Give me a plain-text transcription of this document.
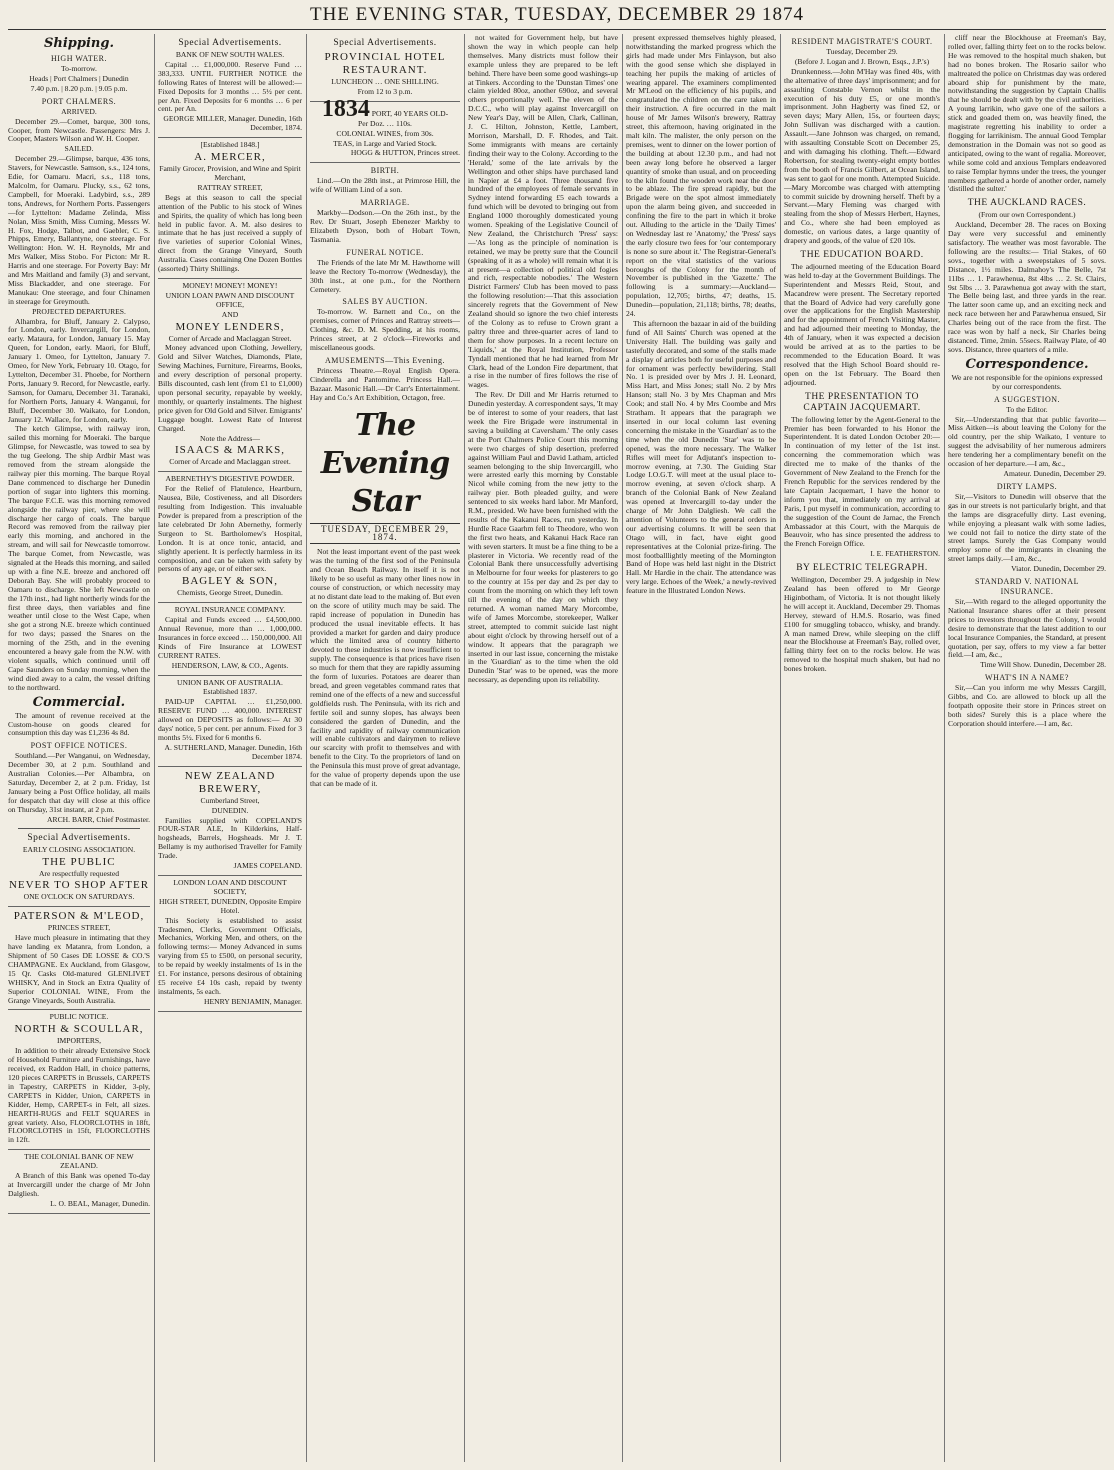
THE EVENING STAR, TUESDAY, DECEMBER 29 1874
Shipping.
HIGH WATER.

To-morrow.

Heads | Port Chalmers | Dunedin

7.40 p.m. | 8.20 p.m. | 9.05 p.m.

PORT CHALMERS.

ARRIVED.

December 29.—Comet, barque, 300 tons, Cooper, from Newcastle. Passengers: Mrs J. Cooper, Masters Wilson and W. H. Cooper.

SAILED.

December 29.—Glimpse, barque, 436 tons, Stavers, for Newcastle. Samson, s.s., 124 tons, Edie, for Oamaru. Macri, s.s., 118 tons, Malcolm, for Oamaru. Plucky, s.s., 62 tons, Campbell, for Moeraki. Ladybird, s.s., 289 tons, Andrews, for Northern Ports. Passengers—for Lyttelton: Madame Zelinda, Miss Nolan, Miss Smith, Miss Cuming, Messrs W. H. Fox, Hodge, Talbot, and Gaebler, C. S. Phipps, Emery, Ballantyne, one steerage. For Wellington: Hon. W. H. Reynolds, Mr and Mrs Walker, Miss Stobo. For Picton: Mr R. Harris and one steerage. For Poverty Bay: Mr and Mrs Maitland and family (3) and servant, Miss Blackadder, and one steerage. For Manukau: One steerage, and four Chinamen in steerage for Greymouth.

PROJECTED DEPARTURES.

Alhambra, for Bluff, January 2. Calypso, for London, early. Invercargill, for London, early. Mataura, for London, January 15. May Queen, for London, early. Maori, for Bluff, January 1. Omeo, for Lyttelton, January 7. Omeo, for New York, February 10. Otago, for Lyttelton, December 31. Phoebe, for Northern Ports, January 9. Record, for Newcastle, early. Samson, for Oamaru, December 31. Taranaki, for Northern Ports, January 4. Wanganui, for Bluff, December 30. Waikato, for London, January 12. Wallace, for London, early.

The ketch Glimpse, with railway iron, sailed this morning for Moeraki. The barque Glimpse, for Newcastle, was towed to sea by the tug Geelong. The ship Ardbir Mast was removed from the stream alongside the railway pier this morning. The barque Royal Dane commenced to discharge her Dunedin portion of sugar into lighters this morning. The barque F.C.E. was this morning removed alongside the railway pier, where she will discharge her cargo of coals. The barque Record was removed from the railway pier early this morning, and anchored in the stream, and will sail for Newcastle tomorrow. The barque Comet, from Newcastle, was signaled at the Heads this morning, and sailed up with a fine N.E. breeze and anchored off Deborah Bay. She will probably proceed to Oamaru to discharge. She left Newcastle on the 17th inst., had light northerly winds for the first three days, then variables and fine weather until close to the West Cape, when she got a strong N.E. breeze which continued for two days; passed the Snares on the morning of the 25th, and in the evening encountered a heavy gale from the N.W. with violent squalls, which continued until off Cape Saunders on Sunday morning, when the wind died away to a calm, the vessel drifting to the northward.

Commercial.

The amount of revenue received at the Custom-house on goods cleared for consumption this day was £1,236 4s 8d.

POST OFFICE NOTICES.

Southland.—Per Wanganui, on Wednesday, December 30, at 2 p.m. Southland and Australian Colonies.—Per Albambra, on Saturday, December 2, at 2 p.m. Friday, 1st January being a Post Office holiday, all mails for despatch that day will close at this office on Thursday, 31st instant, at 2 p.m.

ARCH. BARR, Chief Postmaster.

Special Advertisements.

EARLY CLOSING ASSOCIATION.

THE PUBLIC

Are respectfully requested

NEVER TO SHOP AFTER

ONE O'CLOCK ON SATURDAYS.

PATERSON & M'LEOD,

PRINCES STREET,

Have much pleasure in intimating that they have landing ex Matanra, from London, a Shipment of 50 Cases DE LOSSE & CO.'S CHAMPAGNE. Ex Auckland, from Glasgow, 15 Qr. Casks Old-matured GLENLIVET WHISKY, And in Stock an Extra Quality of Superior COLONIAL WINE, From the Grange Vineyards, South Australia.

PUBLIC NOTICE.

NORTH & SCOULLAR,

IMPORTERS,

In addition to their already Extensive Stock of Household Furniture and Furnishings, have received, ex Raddon Hall, in choice patterns, 120 pieces CARPETS in Brussels, CARPETS in Tapestry, CARPETS in Kidder, 3-ply, CARPETS in Kidder, Union, CARPETS in Kidder, Hemp, CARPET-s in Felt, all sizes. HEARTH-RUGS and FELT SQUARES in great variety. Also, FLOORCLOTHS in 18ft, FLOORCLOTHS in 15ft, FLOORCLOTHS in 12ft.

THE COLONIAL BANK OF NEW ZEALAND.

A Branch of this Bank was opened To-day at Invercargill under the charge of Mr John Dalgliesh.

L. O. BEAL, Manager, Dunedin.

Special Advertisements.

BANK OF NEW SOUTH WALES.

Capital … £1,000,000. Reserve Fund … 383,333. UNTIL FURTHER NOTICE the following Rates of Interest will be allowed:— Fixed Deposits for 3 months … 5½ per cent. per An. Fixed Deposits for 6 months … 6 per cent. per An.

GEORGE MILLER, Manager. Dunedin, 16th December, 1874.

[Established 1848.]

A. MERCER,

Family Grocer, Provision, and Wine and Spirit Merchant,

RATTRAY STREET,

Begs at this season to call the special attention of the Public to his stock of Wines and Spirits, the quality of which has long been held in public favor. A. M. also desires to intimate that he has just received a supply of five varieties of superior Colonial Wines, direct from the Grange Vineyard, South Australia. Cases containing One Dozen Bottles (assorted) Thirty Shillings.

MONEY! MONEY! MONEY!

UNION LOAN PAWN AND DISCOUNT OFFICE,

AND

MONEY LENDERS,

Corner of Arcade and Maclaggan Street.

Money advanced upon Clothing, Jewellery, Gold and Silver Watches, Diamonds, Plate, Sewing Machines, Furniture, Firearms, Books, and every description of personal property. Bills discounted, cash lent (from £1 to £1,000) upon personal security, repayable by weekly, monthly, or quarterly instalments. The highest price given for Old Gold and Silver. Emigrants' Luggage bought. Lowest Rate of Interest Charged.

Note the Address—

ISAACS & MARKS,

Corner of Arcade and Maclaggan street.

ABERNETHY'S DIGESTIVE POWDER.

For the Relief of Flatulence, Heartburn, Nausea, Bile, Costiveness, and all Disorders resulting from Indigestion. This invaluable Powder is prepared from a prescription of the late celebrated Dr John Abernethy, formerly Surgeon to St. Bartholomew's Hospital, London. It is at once tonic, antacid, and slightly aperient. It is perfectly harmless in its composition, and can be taken with safety by persons of any age, or of either sex.

BAGLEY & SON,

Chemists, George Street, Dunedin.

ROYAL INSURANCE COMPANY.

Capital and Funds exceed … £4,500,000. Annual Revenue, more than … 1,000,000. Insurances in force exceed … 150,000,000. All Kinds of Fire Insurance at LOWEST CURRENT RATES.

HENDERSON, LAW, & CO., Agents.

UNION BANK OF AUSTRALIA.

Established 1837.

PAID-UP CAPITAL … £1,250,000. RESERVE FUND … 400,000. INTEREST allowed on DEPOSITS as follows:— At 30 days' notice, 5 per cent. per annum. Fixed for 3 months 5½. Fixed for 6 months 6.

A. SUTHERLAND, Manager. Dunedin, 16th December 1874.

NEW ZEALAND BREWERY,

Cumberland Street,

DUNEDIN.

Families supplied with COPELAND'S FOUR-STAR ALE, In Kilderkins, Half-hogsheads, Barrels, Hogsheads. Mr J. T. Bellamy is my authorised Traveller for Family Trade.

JAMES COPELAND.

LONDON LOAN AND DISCOUNT SOCIETY,

HIGH STREET, DUNEDIN, Opposite Empire Hotel.

This Society is established to assist Tradesmen, Clerks, Government Officials, Mechanics, Working Men, and others, on the following terms:— Money Advanced in sums varying from £5 to £500, on personal security, to be repaid by weekly instalments of 1s in the £1. For instance, persons desirous of obtaining £5 receive £4 10s cash, repaid by twenty instalments, 5s each.

HENRY BENJAMIN, Manager.

Special Advertisements.

PROVINCIAL HOTEL RESTAURANT.

LUNCHEON … ONE SHILLING.

From 12 to 3 p.m.

1834 PORT, 40 YEARS OLD-

Per Doz. … 110s.

COLONIAL WINES, from 30s.

TEAS, in Large and Varied Stock.

HOGG & HUTTON, Princes street.

BIRTH.

Lind.—On the 28th inst., at Primrose Hill, the wife of William Lind of a son.

MARRIAGE.

Markby—Dodson.—On the 26th inst., by the Rev. Dr Stuart, Joseph Ebenezer Markby to Elizabeth Dyson, both of Hobart Town, Tasmania.

FUNERAL NOTICE.

The Friends of the late Mr M. Hawthorne will leave the Rectory To-morrow (Wednesday), the 30th inst., at one p.m., for the Northern Cemetery.

SALES BY AUCTION.

To-morrow. W. Barnett and Co., on the premises, corner of Princes and Rattray streets—Clothing, &c. D. M. Spedding, at his rooms, Princes street, at 2 o'clock—Fireworks and miscellaneous goods.

AMUSEMENTS—This Evening.

Princess Theatre.—Royal English Opera. Cinderella and Pantomime. Princess Hall.—Bazaar. Masonic Hall.—Dr Carr's Entertainment. Hay and Co.'s Art Exhibition, Octagon, free.

The Evening Star
TUESDAY, DECEMBER 29, 1874.

Not the least important event of the past week was the turning of the first sod of the Peninsula and Ocean Beach Railway. In itself it is not likely to be so useful as many other lines now in course of construction, or which necessity may at no distant date lead to the making of. But even on the score of utility much may be said. The rapid increase of population in Dunedin has produced the usual inevitable effects. It has provided a market for garden and dairy produce which the limited area of country hitherto devoted to these industries is now insufficient to supply. The consequence is that prices have risen so much for them that they are rapidly assuming the form of luxuries. Potatoes are dearer than bread, and green vegetables command rates that remind one of the effects of a new and successful goldfields rush. The Peninsula, with its rich and fertile soil and sunny slopes, has always been considered the garden of Dunedin, and the facility and rapidity of railway communication will enable cultivators and dairymen to relieve our scarcity with profit to themselves and with benefit to the City. To the proprietors of land on the Peninsula this must prove of great advantage, for the value of property depends upon the use that can be made of it.

not waited for Government help, but have shown the way in which people can help themselves. Many districts must follow their example unless they are prepared to be left behind. There have been some good washings-up at Tinkers. According to the 'Dunstan Times' one claim yielded 80oz, another 690oz, and several others proportionally well. The eleven of the D.C.C., who will play against Invercargill on New Year's Day, will be Allen, Clark, Callinan, J. C. Hilton, Johnston, Kettle, Lambert, Morrison, Marshall, D. F. Rhodes, and Tait. Some immigrants with means are certainly finding their way to the Colony. According to the 'Herald,' some of the late arrivals by the Wellington and other ships have purchased land in Napier at £4 a foot. Three thousand five hundred of the employees of female servants in Sydney intend forwarding £5 each towards a fund which will be devoted to bringing out from England 1000 thoroughly domesticated young women. Speaking of the Legislative Council of New Zealand, the Christchurch 'Press' says:—'As long as the principle of nomination is retained, we may be pretty sure that the Council (speaking of it as a whole) will remain what it is at present—a collection of political old fogies and rich, respectable nobodies.' The Western District Farmers' Club has been moved to pass the following resolution:—That this association sincerely regrets that the Government of New Zealand should so ignore the two chief interests of the Colony as to refuse to Crown grant a paltry three and three-quarter acres of land to them for show purposes. In a recent lecture on 'Liquids,' at the Royal Institution, Professor Tyndall mentioned that he had learned from Mr Clark, head of the London Fire department, that a rise in the number of fires follows the rise of wages.

The Rev. Dr Dill and Mr Harris returned to Dunedin yesterday. A correspondent says, 'It may be of interest to some of your readers, that last week the Fire Brigade were instrumental in saving a building at Caversham.' The only cases at the Port Chalmers Police Court this morning were two charges of ship desertion, preferred against William Paul and David Latham, articled seamen belonging to the ship Invercargill, who were arrested early this morning by Constable Nicol while coming from the new jetty to the railway pier. Both pleaded guilty, and were sentenced to six weeks hard labor. Mr Manford, R.M., presided. We have been furnished with the results of the Kakanui Races, run yesterday. In Hurdle Race Gaarhm fell to Theodore, who won the first two heats, and Kakanui Hack Race ran with seven starters. It must be a fine thing to be a plasterer in Victoria. We recently read of the Colonial Bank there unsuccessfully advertising in Melbourne for four weeks for plasterers to go to the country at 15s per day and 2s per day to count from the morning on which they left town till the evening of the day on which they returned. A woman named Mary Morcombe, wife of James Morcombe, storekeeper, Walker street, attempted to commit suicide last night about eight o'clock by throwing herself out of a window. It appears that the paragraph we inserted in our last issue, concerning the mistake in the 'Guardian' as to the time when the old Dunedin 'Star' was to be opened, was the more necessary, as depending upon its reliability.

present expressed themselves highly pleased, notwithstanding the marked progress which the girls had made under Mrs Finlayson, but also with the good sense which she displayed in teaching her pupils the making of articles of wearing apparel. The examiners complimented Mr M'Leod on the efficiency of his pupils, and congratulated the children on the care taken in their instruction. A fire occurred in the malt house of Mr James Wilson's brewery, Rattray street, this afternoon, having originated in the malt kiln. The malister, the only person on the premises, went to dinner on the lower portion of the building at about 12.30 p.m., and had not been away long before he observed a larger quantity of smoke than usual, and on proceeding to the kiln found the wooden work near the door to be ablaze. The fire spread rapidly, but the Brigade were on the spot almost immediately upon the alarm being given, and succeeded in confining the fire to the part in which it broke out. Alluding to the article in the 'Daily Times' on Wednesday last re 'Anatomy,' the 'Press' says the early closure two fees for 'our contemporary is none so sure about it.' The Registrar-General's report on the vital statistics of the various boroughs of the Colony for the month of November is published in the 'Gazette.' The following is a summary:—Auckland—population, 12,705; births, 47; deaths, 15. Dunedin—population, 21,118; births, 78; deaths, 24.

This afternoon the bazaar in aid of the building fund of All Saints' Church was opened at the University Hall. The building was gaily and tastefully decorated, and some of the stalls made a display of articles both for useful purposes and for ornament was perfectly bewildering. Stall No. 1 is presided over by Mrs J. H. Leonard, Miss Hart, and Miss Jones; stall No. 2 by Mrs Hanson; stall No. 3 by Mrs Chapman and Mrs Cook; and stall No. 4 by Mrs Coombe and Mrs Stratham. It appears that the paragraph we inserted in our local column last evening concerning the mistake in the 'Guardian' as to the time when the old Dunedin 'Star' was to be opened, was the more necessary. The Walker Rifles will meet for Adjutant's inspection to-morrow evening, at 7.30. The Guiding Star Lodge I.O.G.T. will meet at the usual place to-morrow evening, at seven o'clock sharp. A branch of the Colonial Bank of New Zealand was opened at Invercargill to-day under the charge of Mr John Dalgliesh. We call the attention of Volunteers to the general orders in our advertising columns. It will be seen that Otago will, in fact, have eight good representatives at the Colonial prize-firing. The most footballlightly meeting of the Mornington Band of Hope was held last night in the District Hall. Mr Hardie in the chair. The attendance was very large. Echoes of the Week,' a newly-revived feature in the Illustrated London News.

RESIDENT MAGISTRATE'S COURT.

Tuesday, December 29.

(Before J. Logan and J. Brown, Esqs., J.P.'s)

Drunkenness.—John M'Hay was fined 40s, with the alternative of three days' imprisonment; and for assaulting Constable Vernon whilst in the execution of his duty £5, or one month's imprisonment. John Hagberty was fined £2, or seven days; Mary Allen, 15s, or fourteen days; John Sullivan was discharged with a caution. Assault.—Jane Johnson was charged, on remand, with assaulting Constable Scott on December 25, and with damaging his clothing. Theft.—Edward Robertson, for stealing twenty-eight empty bottles from the booth of Francis Gilbert, at Ocean Island, was sent to gaol for one month. Attempted Suicide.—Mary Morcombe was charged with attempting to commit suicide by drowning herself. Theft by a Servant.—Mary Fleming was charged with stealing from the shop of Messrs Herbert, Haynes, and Co., where she had been employed as domestic, on various dates, a large quantity of drapery and goods, of the value of £20 10s.

THE EDUCATION BOARD.

The adjourned meeting of the Education Board was held to-day at the Government Buildings. The Superintendent and Messrs Reid, Stout, and Macandrew were present. The Secretary reported that the Board of Advice had very carefully gone over the applications for the English Mastership and for the appointment of French Visiting Master, and had adjourned their meeting to Monday, the 4th of January, when it was expected a decision would be arrived at as to the parties to be recommended to the Education Board. It was resolved that the High School Board should re-open on the 1st February. The Board then adjourned.

THE PRESENTATION TO CAPTAIN JACQUEMART.

The following letter by the Agent-General to the Premier has been forwarded to his Honor the Superintendent. It is dated London October 20:— In continuation of my letter of the 1st inst. concerning the commemoration which was directed me to make of the thanks of the Government of New Zealand to the French for the French Republic for the services rendered by the late Captain Jacquemart, I have the honor to inform you that, immediately on my arrival at Paris, I put myself in communication, according to the suggestion of the Count de Jarnac, the French Ambassador at this Court, with the Marquis de Beauvoir, who has since presented the address to the French Foreign Office.

I. E. FEATHERSTON.

BY ELECTRIC TELEGRAPH.

Wellington, December 29. A judgeship in New Zealand has been offered to Mr George Higinbotham, of Victoria. It is not thought likely he will accept it. Auckland, December 29. Thomas Hervey, steward of H.M.S. Rosario, was fined £100 for smuggling tobacco, whisky, and brandy. A man named Drew, while sleeping on the cliff near the Blockhouse at Freeman's Bay, rolled over, falling thirty feet on to the rocks below. He was removed to the hospital much shaken, but had no bones broken.

cliff near the Blockhouse at Freeman's Bay, rolled over, falling thirty feet on to the rocks below. He was removed to the hospital much shaken, but had no bones broken. The Rosario sailor who maltreated the police on Christmas day was ordered aboard ship for punishment by the mate, notwithstanding the suggestion by Captain Challis that he should be dealt with by the civil authorities. A young larrikin, who gave one of the sailors a stick and goaded them on, was heavily fined, the magistrate regretting his inability to order a flogging for larrikinism. The annual Good Templar demonstration in the Domain was not so good as anticipated, owing to the want of regalia. Moreover, while some cold and anxious Templars endeavored to raise Templar hymns under the trees, the younger members gathered a horde of another order, namely 'distilled the sulter.'

THE AUCKLAND RACES.

(From our own Correspondent.)

Auckland, December 28. The races on Boxing Day were very successful and eminently satisfactory. The weather was most favorable. The following are the results:— Trial Stakes, of 60 sovs., together with a sweepstakes of 5 sovs. Distance, 1½ miles. Dalmahoy's The Belle, 7st 11lbs … 1. Parawhenua, 8st 4lbs … 2. St. Clairs, 9st 5lbs … 3. Parawhenua got away with the start, The Belle being last, and three yards in the rear. The latter soon came up, and an exciting neck and neck race between her and Parawhenua ensued, Sir Charles being out of the race from the first. The race was won by half a neck, Sir Charles being distanced. Time, 2min. 55secs. Railway Plate, of 40 sovs. Distance, three quarters of a mile.

Correspondence.

We are not responsible for the opinions expressed by our correspondents.

A SUGGESTION.

To the Editor.

Sir,—Understanding that that public favorite—Miss Aitken—is about leaving the Colony for the old country, per the ship Waikato, I venture to suggest the advisability of her numerous admirers here tendering her a complimentary benefit on the occasion of her departure.—I am, &c.,

Amateur. Dunedin, December 29.

DIRTY LAMPS.

Sir,—Visitors to Dunedin will observe that the gas in our streets is not particularly bright, and that the lamps are disgracefully dirty. Last evening, while enjoying a pleasant walk with some ladies, we could not fail to notice the dirty state of the street lamps. Surely the Gas Company would employ some of the immigrants in cleaning the street lamps daily.—I am, &c.,

Viator. Dunedin, December 29.

STANDARD V. NATIONAL INSURANCE.

Sir,—With regard to the alleged opportunity the National Insurance shares offer at their present prices to investors throughout the Colony, I would desire to demonstrate that the latest addition to our local Insurance Companies, the Standard, at present quotation, per say, offers to my view a far better field.—I am, &c.,

Time Will Show. Dunedin, December 28.

WHAT'S IN A NAME?

Sir,—Can you inform me why Messrs Cargill, Gibbs, and Co. are allowed to block up all the footpath opposite their store in Princes street on both sides? Surely this is a place where the Corporation should interfere.—I am, &c.
